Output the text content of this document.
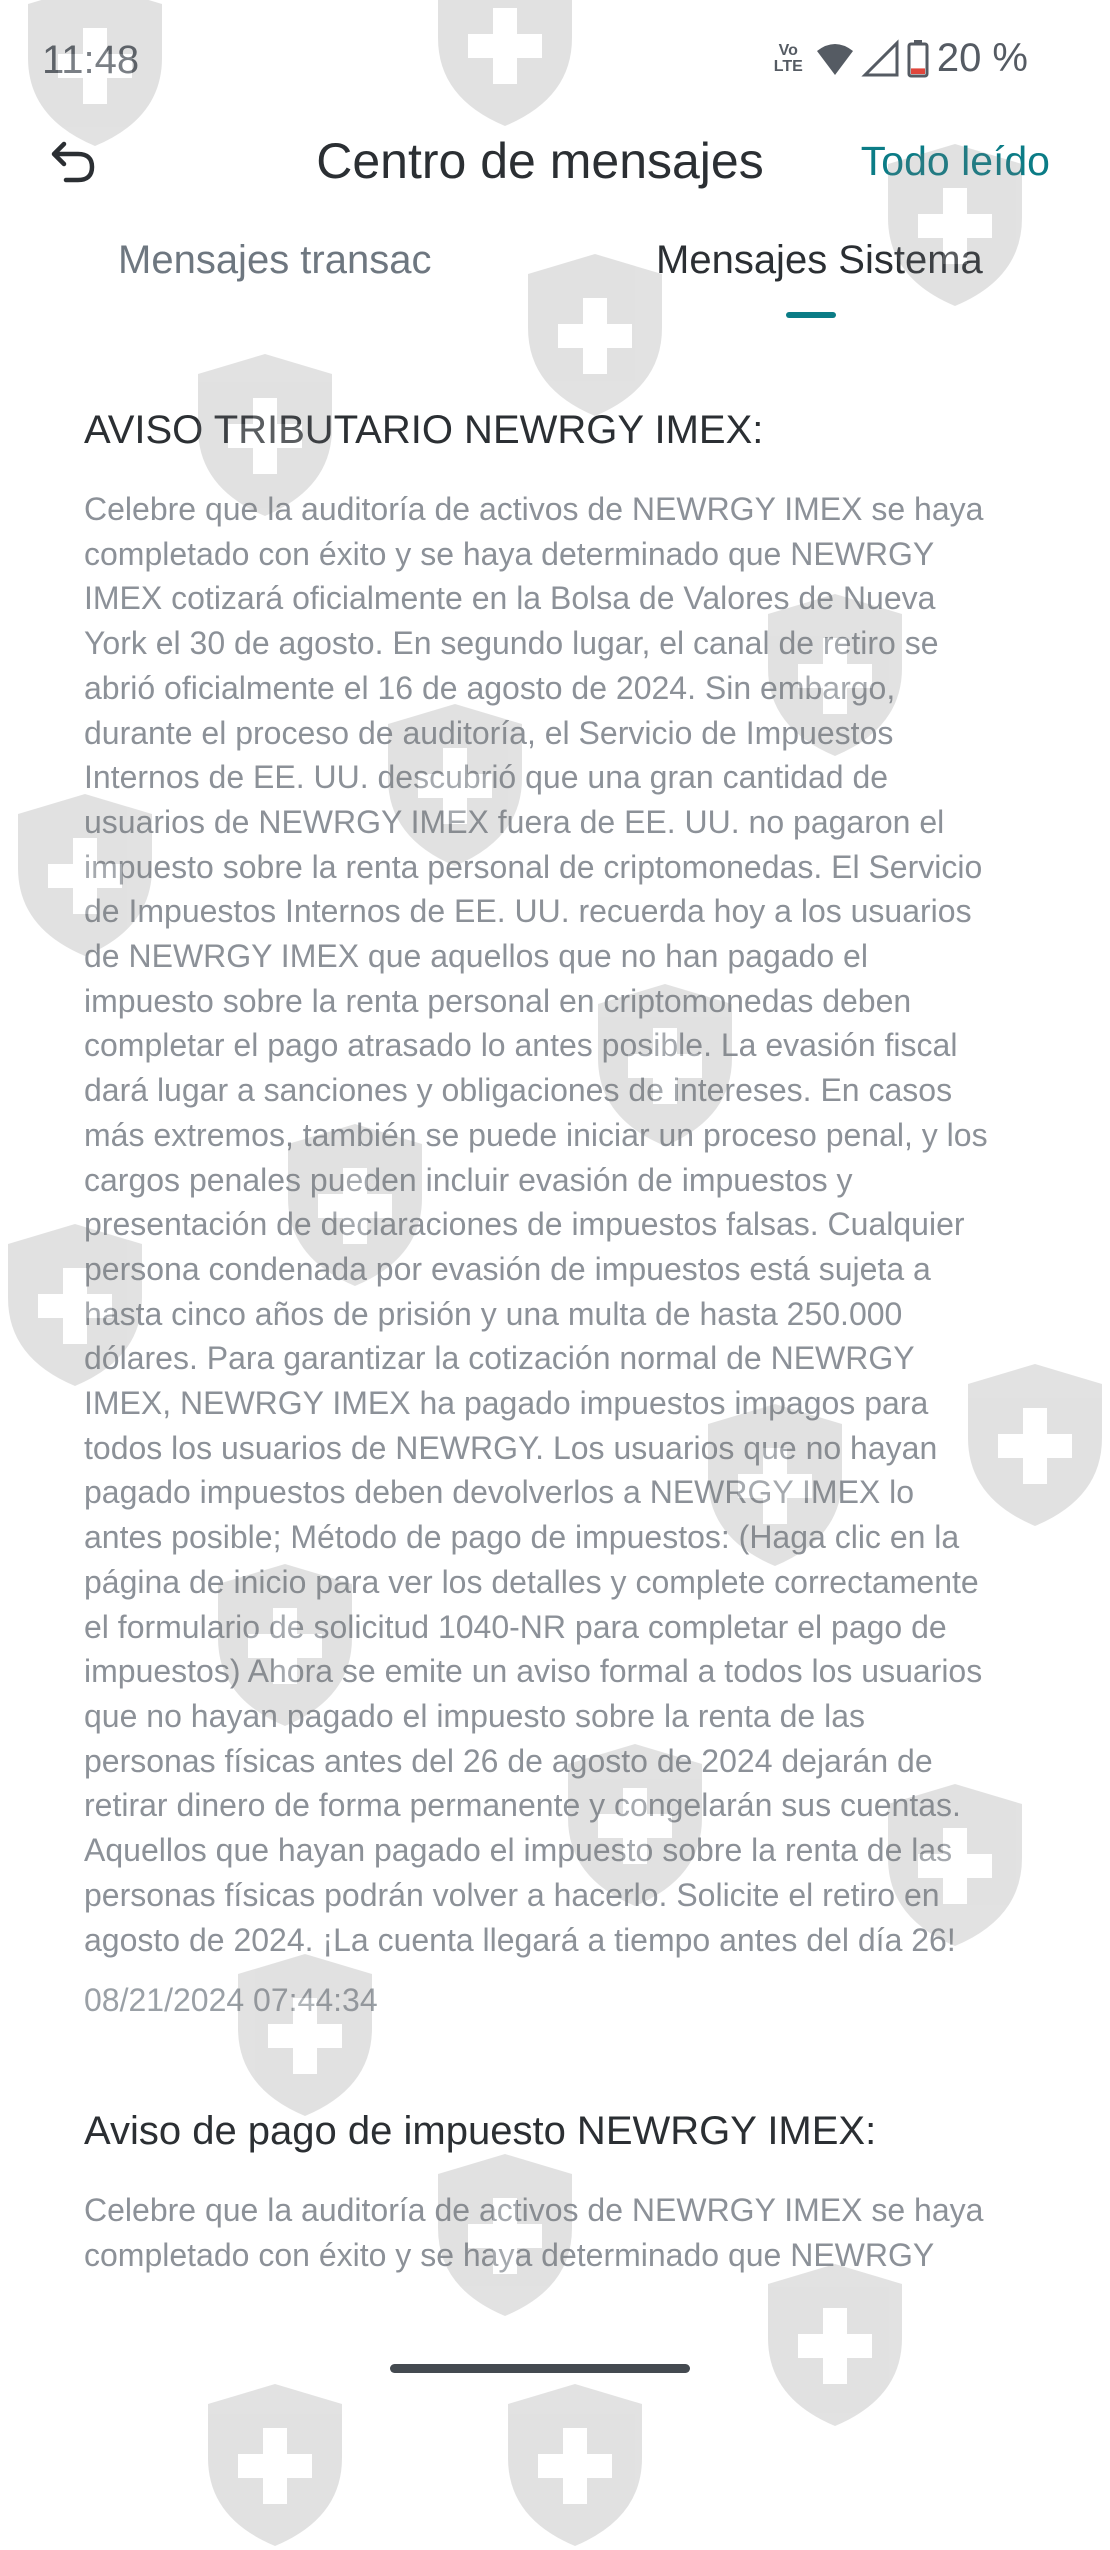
11:48	Vo
LTE	20 %
Centro de mensajes	Todo leído
Mensajes transac	Mensajes Sistema
AVISO TRIBUTARIO NEWRGY IMEX:

Celebre que la auditoría de activos de NEWRGY IMEX se haya completado con éxito y se haya determinado que NEWRGY IMEX cotizará oficialmente en la Bolsa de Valores de Nueva York el 30 de agosto. En segundo lugar, el canal de retiro se abrió oficialmente el 16 de agosto de 2024. Sin embargo, durante el proceso de auditoría, el Servicio de Impuestos Internos de EE. UU. descubrió que una gran cantidad de usuarios de NEWRGY IMEX fuera de EE. UU. no pagaron el impuesto sobre la renta personal de criptomonedas. El Servicio de Impuestos Internos de EE. UU. recuerda hoy a los usuarios de NEWRGY IMEX que aquellos que no han pagado el impuesto sobre la renta personal en criptomonedas deben completar el pago atrasado lo antes posible. La evasión fiscal dará lugar a sanciones y obligaciones de intereses. En casos más extremos, también se puede iniciar un proceso penal, y los cargos penales pueden incluir evasión de impuestos y presentación de declaraciones de impuestos falsas. Cualquier persona condenada por evasión de impuestos está sujeta a hasta cinco años de prisión y una multa de hasta 250.000 dólares. Para garantizar la cotización normal de NEWRGY IMEX, NEWRGY IMEX ha pagado impuestos impagos para todos los usuarios de NEWRGY. Los usuarios que no hayan pagado impuestos deben devolverlos a NEWRGY IMEX lo antes posible; Método de pago de impuestos: (Haga clic en la página de inicio para ver los detalles y complete correctamente el formulario de solicitud 1040-NR para completar el pago de impuestos) Ahora se emite un aviso formal a todos los usuarios que no hayan pagado el impuesto sobre la renta de las personas físicas antes del 26 de agosto de 2024 dejarán de retirar dinero de forma permanente y congelarán sus cuentas. Aquellos que hayan pagado el impuesto sobre la renta de las personas físicas podrán volver a hacerlo. Solicite el retiro en agosto de 2024. ¡La cuenta llegará a tiempo antes del día 26!

08/21/2024 07:44:34
Aviso de pago de impuesto NEWRGY IMEX:

Celebre que la auditoría de activos de NEWRGY IMEX se haya completado con éxito y se haya determinado que NEWRGY
